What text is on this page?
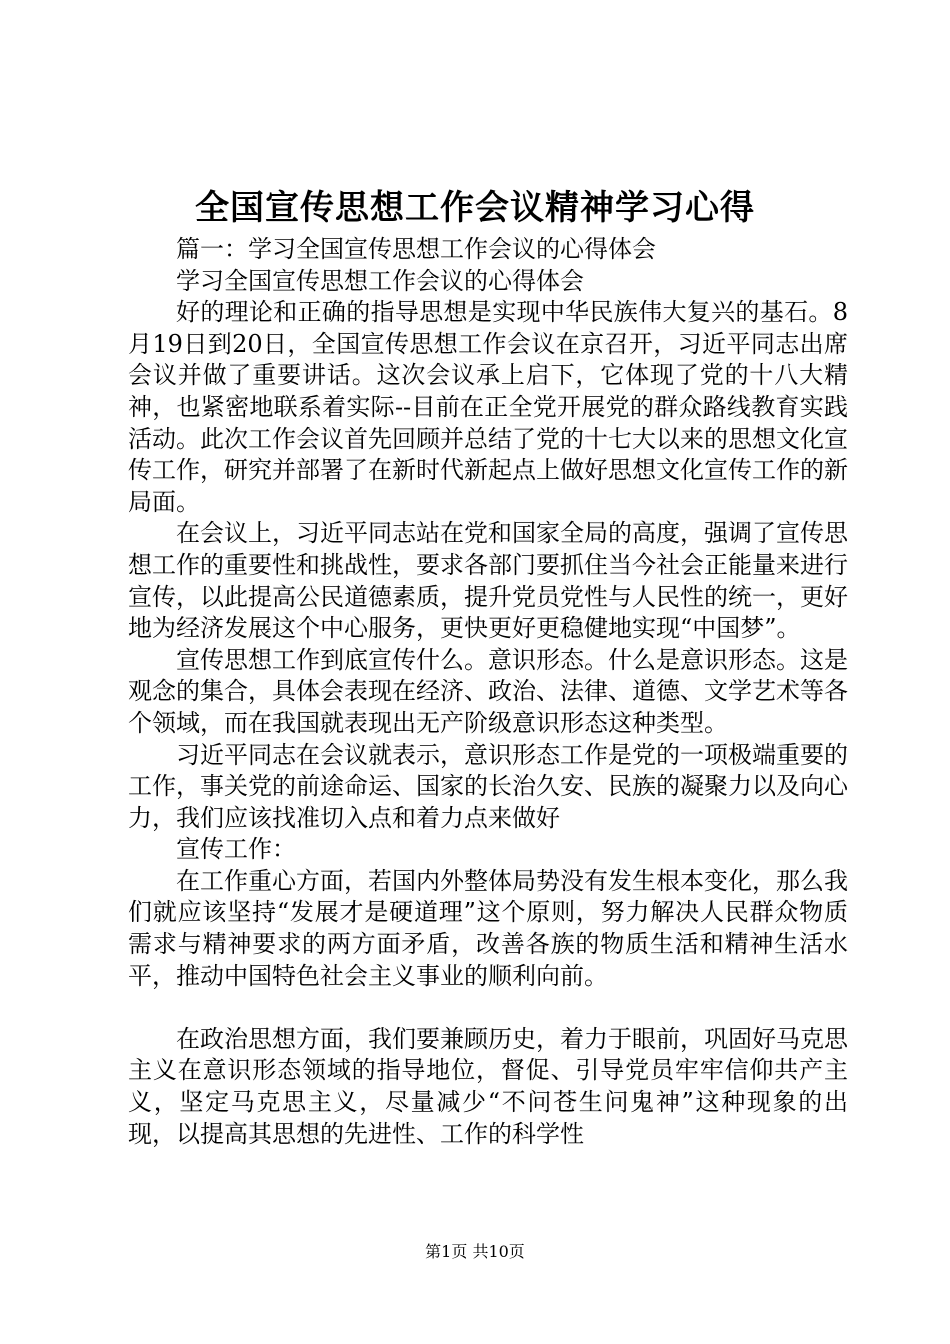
全国宣传思想工作会议精神学习心得

篇一：学习全国宣传思想工作会议的心得体会

学习全国宣传思想工作会议的心得体会

好的理论和正确的指导思想是实现中华民族伟大复兴的基石。8月19日到20日，全国宣传思想工作会议在京召开，习近平同志出席会议并做了重要讲话。这次会议承上启下，它体现了党的十八大精神，也紧密地联系着实际--目前在正全党开展党的群众路线教育实践活动。此次工作会议首先回顾并总结了党的十七大以来的思想文化宣传工作，研究并部署了在新时代新起点上做好思想文化宣传工作的新局面。

在会议上，习近平同志站在党和国家全局的高度，强调了宣传思想工作的重要性和挑战性，要求各部门要抓住当今社会正能量来进行宣传，以此提高公民道德素质，提升党员党性与人民性的统一，更好地为经济发展这个中心服务，更快更好更稳健地实现“中国梦”。

宣传思想工作到底宣传什么。意识形态。什么是意识形态。这是观念的集合，具体会表现在经济、政治、法律、道德、文学艺术等各个领域，而在我国就表现出无产阶级意识形态这种类型。

习近平同志在会议就表示，意识形态工作是党的一项极端重要的工作，事关党的前途命运、国家的长治久安、民族的凝聚力以及向心力，我们应该找准切入点和着力点来做好

宣传工作：

在工作重心方面，若国内外整体局势没有发生根本变化，那么我们就应该坚持“发展才是硬道理”这个原则，努力解决人民群众物质需求与精神要求的两方面矛盾，改善各族的物质生活和精神生活水平，推动中国特色社会主义事业的顺利向前。

在政治思想方面，我们要兼顾历史，着力于眼前，巩固好马克思主义在意识形态领域的指导地位，督促、引导党员牢牢信仰共产主义，坚定马克思主义，尽量减少“不问苍生问鬼神”这种现象的出现，以提高其思想的先进性、工作的科学性

第1页 共10页
